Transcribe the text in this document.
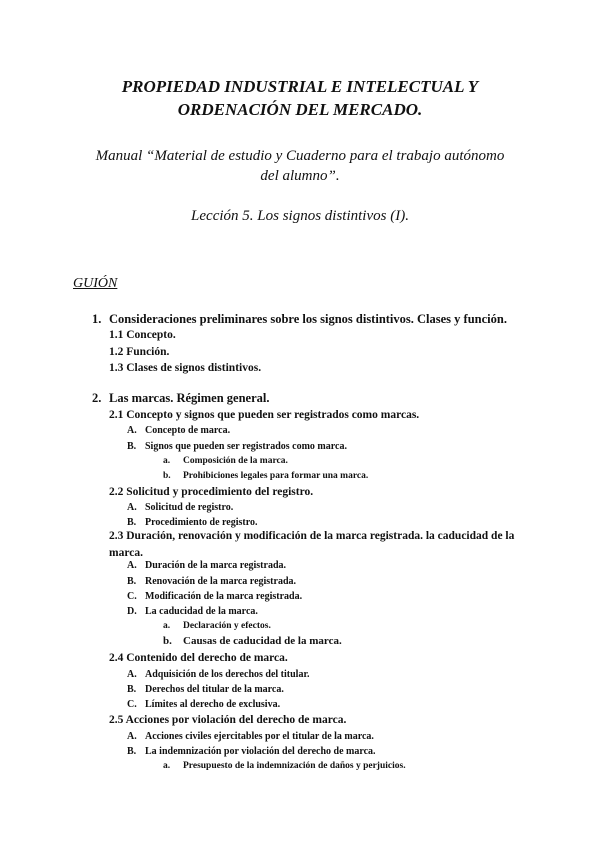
PROPIEDAD INDUSTRIAL E INTELECTUAL Y
ORDENACIÓN DEL MERCADO.
Manual “Material de estudio y Cuaderno para el trabajo autónomo
del alumno”.
Lección 5. Los signos distintivos (I).
GUIÓN
1. Consideraciones preliminares sobre los signos distintivos. Clases y función.
1.1 Concepto.
1.2 Función.
1.3 Clases de signos distintivos.
2. Las marcas. Régimen general.
2.1 Concepto y signos que pueden ser registrados como marcas.
A. Concepto de marca.
B. Signos que pueden ser registrados como marca.
a. Composición de la marca.
b. Prohibiciones legales para formar una marca.
2.2 Solicitud y procedimiento del registro.
A. Solicitud de registro.
B. Procedimiento de registro.
2.3 Duración, renovación y modificación de la marca registrada. la caducidad de la marca.
A. Duración de la marca registrada.
B. Renovación de la marca registrada.
C. Modificación de la marca registrada.
D. La caducidad de la marca.
a. Declaración y efectos.
b. Causas de caducidad de la marca.
2.4 Contenido del derecho de marca.
A. Adquisición de los derechos del titular.
B. Derechos del titular de la marca.
C. Límites al derecho de exclusiva.
2.5 Acciones por violación del derecho de marca.
A. Acciones civiles ejercitables por el titular de la marca.
B. La indemnización por violación del derecho de marca.
a. Presupuesto de la indemnización de daños y perjuicios.
